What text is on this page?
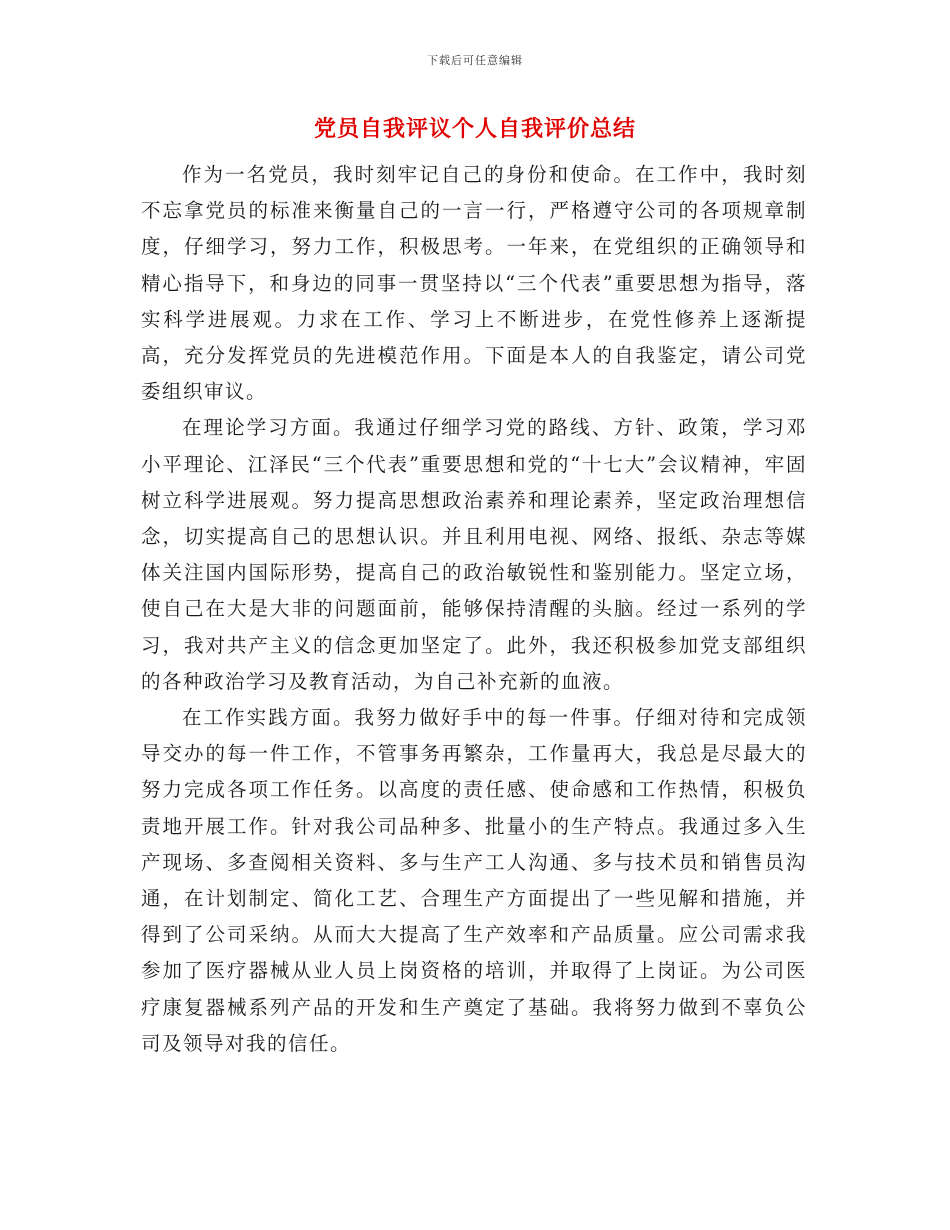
下载后可任意编辑
党员自我评议个人自我评价总结

作为一名党员，我时刻牢记自己的身份和使命。在工作中，我时刻不忘拿党员的标准来衡量自己的一言一行，严格遵守公司的各项规章制度，仔细学习，努力工作，积极思考。一年来，在党组织的正确领导和精心指导下，和身边的同事一贯坚持以“三个代表”重要思想为指导，落实科学进展观。力求在工作、学习上不断进步，在党性修养上逐渐提高，充分发挥党员的先进模范作用。下面是本人的自我鉴定，请公司党委组织审议。

在理论学习方面。我通过仔细学习党的路线、方针、政策，学习邓小平理论、江泽民“三个代表”重要思想和党的“十七大”会议精神，牢固树立科学进展观。努力提高思想政治素养和理论素养，坚定政治理想信念，切实提高自己的思想认识。并且利用电视、网络、报纸、杂志等媒体关注国内国际形势，提高自己的政治敏锐性和鉴别能力。坚定立场，使自己在大是大非的问题面前，能够保持清醒的头脑。经过一系列的学习，我对共产主义的信念更加坚定了。此外，我还积极参加党支部组织的各种政治学习及教育活动，为自己补充新的血液。

在工作实践方面。我努力做好手中的每一件事。仔细对待和完成领导交办的每一件工作，不管事务再繁杂，工作量再大，我总是尽最大的努力完成各项工作任务。以高度的责任感、使命感和工作热情，积极负责地开展工作。针对我公司品种多、批量小的生产特点。我通过多入生产现场、多查阅相关资料、多与生产工人沟通、多与技术员和销售员沟通，在计划制定、简化工艺、合理生产方面提出了一些见解和措施，并得到了公司采纳。从而大大提高了生产效率和产品质量。应公司需求我参加了医疗器械从业人员上岗资格的培训，并取得了上岗证。为公司医疗康复器械系列产品的开发和生产奠定了基础。我将努力做到不辜负公司及领导对我的信任。
